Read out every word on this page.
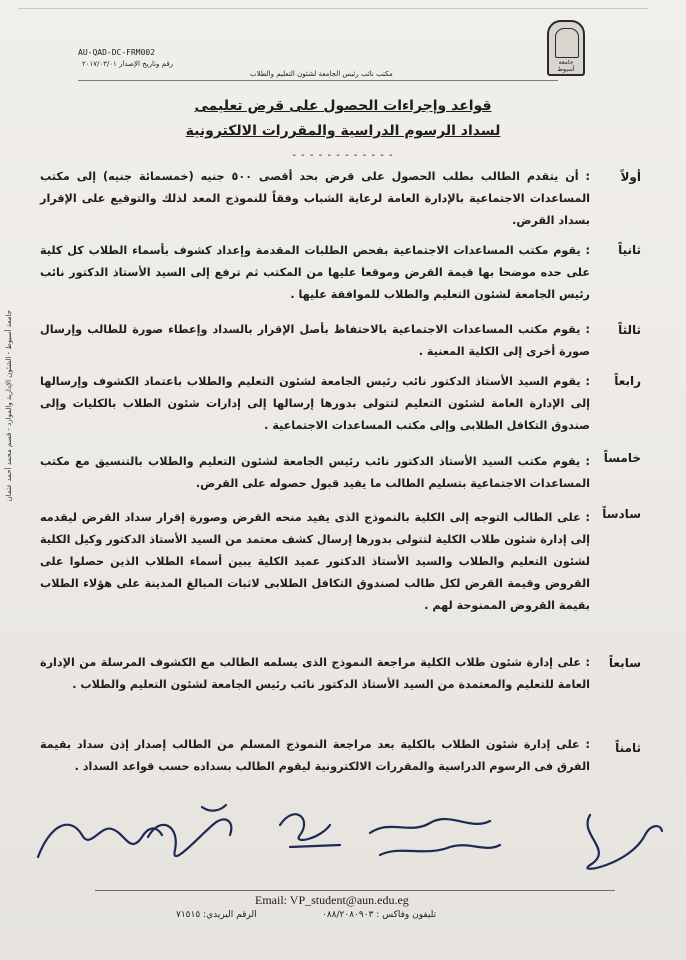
جامعة أسيوط
AU-QAD-DC-FRM002
رقم وتاريخ الإصدار ٢٠١٧/٠٣/٠١
مكتب نائب رئيس الجامعة لشئون التعليم والطلاب
جامعة أسيوط - الشئون الإدارية والموارد - قسم محمد أحمد عثمان
قواعد وإجراءات الحصول على قرض تعليمى
لسداد الرسوم الدراسية والمقررات الالكترونية
- - - - - - - - - - - -
أولاً
: أن يتقدم الطالب بطلب الحصول على قرض بحد أقصى ٥٠٠ جنيه (خمسمائة جنيه) إلى مكتب المساعدات الاجتماعية بالإدارة العامة لرعاية الشباب وفقاً للنموذج المعد لذلك والتوقيع على الإقرار بسداد القرض.
ثانياً
: يقوم مكتب المساعدات الاجتماعية بفحص الطلبات المقدمة وإعداد كشوف بأسماء الطلاب كل كلية على حده موضحا بها قيمة القرض وموقعا عليها من المكتب ثم ترفع إلى السيد الأستاذ الدكتور نائب رئيس الجامعة لشئون التعليم والطلاب للموافقة عليها .
ثالثاً
: يقوم مكتب المساعدات الاجتماعية بالاحتفاظ بأصل الإقرار بالسداد وإعطاء صورة للطالب وإرسال صورة أخرى إلى الكلية المعنية .
رابعاً
: يقوم السيد الأستاذ الدكتور نائب رئيس الجامعة لشئون التعليم والطلاب باعتماد الكشوف وإرسالها إلى الإدارة العامة لشئون التعليم لتتولى بدورها إرسالها إلى إدارات شئون الطلاب بالكليات وإلى صندوق التكافل الطلابى وإلى مكتب المساعدات الاجتماعية .
خامساً
: يقوم مكتب السيد الأستاذ الدكتور نائب رئيس الجامعة لشئون التعليم والطلاب بالتنسيق مع مكتب المساعدات الاجتماعية بتسليم الطالب ما يفيد قبول حصوله على القرض.
سادساً
: على الطالب التوجه إلى الكلية بالنموذج الذى يفيد منحه القرض وصورة إقرار سداد القرض ليقدمه إلى إدارة شئون طلاب الكلية لتتولى بدورها إرسال كشف معتمد من السيد الأستاذ الدكتور وكيل الكلية لشئون التعليم والطلاب والسيد الأستاذ الدكتور عميد الكلية يبين أسماء الطلاب الذين حصلوا على القروض وقيمة القرض لكل طالب لصندوق التكافل الطلابى لاثبات المبالغ المدينة على هؤلاء الطلاب بقيمة القروض الممنوحة لهم .
سابعاً
: على إدارة شئون طلاب الكلية مراجعة النموذج الذى يسلمه الطالب مع الكشوف المرسلة من الإدارة العامة للتعليم والمعتمدة من السيد الأستاذ الدكتور نائب رئيس الجامعة لشئون التعليم والطلاب .
ثامناً
: على إدارة شئون الطلاب بالكلية بعد مراجعة النموذج المسلم من الطالب إصدار إذن سداد بقيمة الفرق فى الرسوم الدراسية والمقررات الالكترونية ليقوم الطالب بسداده حسب قواعد السداد .
Email: VP_student@aun.edu.eg
تليفون وفاكس : ٠٨٨/٢٠٨٠٩٠٣
الرقم البريدي: ٧١٥١٥
